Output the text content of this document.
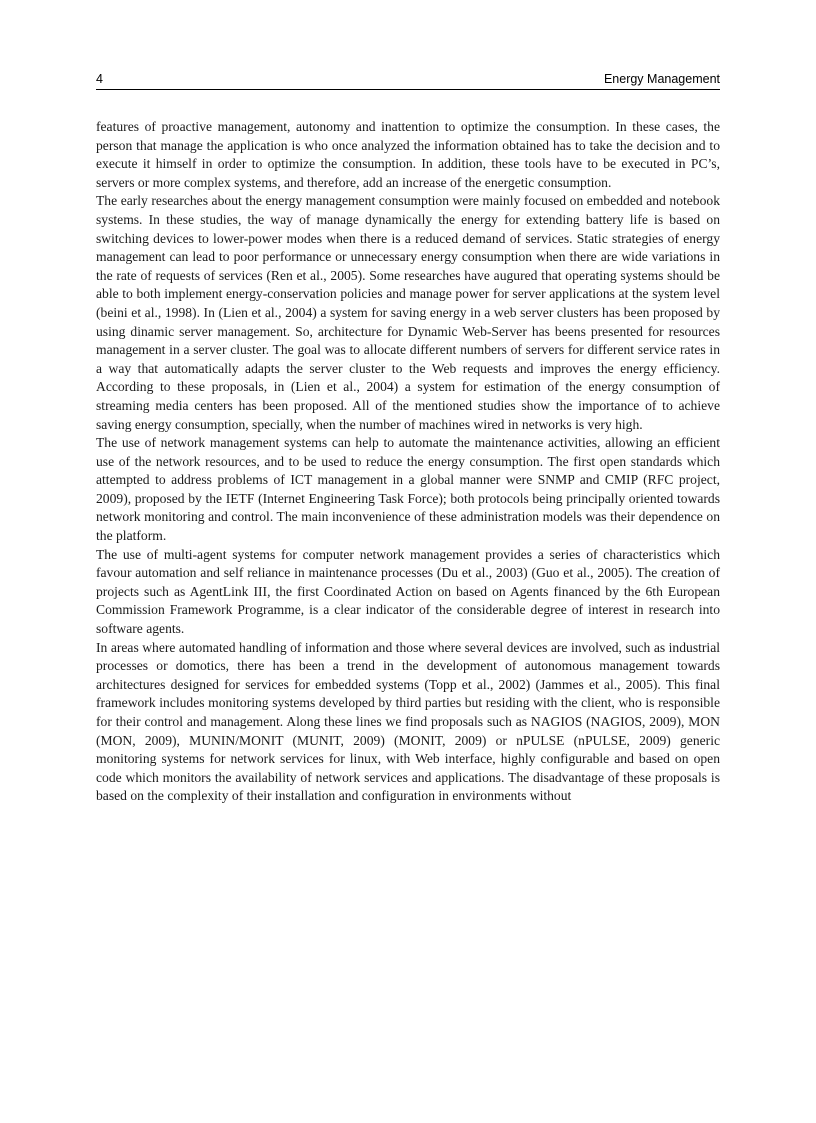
4	Energy Management

features of proactive management, autonomy and inattention to optimize the consumption. In these cases, the person that manage the application is who once analyzed the information obtained has to take the decision and to execute it himself in order to optimize the consumption. In addition, these tools have to be executed in PC’s, servers or more complex systems, and therefore, add an increase of the energetic consumption.

The early researches about the energy management consumption were mainly focused on embedded and notebook systems. In these studies, the way of manage dynamically the energy for extending battery life is based on switching devices to lower-power modes when there is a reduced demand of services. Static strategies of energy management can lead to poor performance or unnecessary energy consumption when there are wide variations in the rate of requests of services (Ren et al., 2005). Some researches have augured that operating systems should be able to both implement energy-conservation policies and manage power for server applications at the system level (beini et al., 1998). In (Lien et al., 2004) a system for saving energy in a web server clusters has been proposed by using dinamic server management. So, architecture for Dynamic Web-Server has beens presented for resources management in a server cluster. The goal was to allocate different numbers of servers for different service rates in a way that automatically adapts the server cluster to the Web requests and improves the energy efficiency. According to these proposals, in (Lien et al., 2004) a system for estimation of the energy consumption of streaming media centers has been proposed. All of the mentioned studies show the importance of to achieve saving energy consumption, specially, when the number of machines wired in networks is very high.

The use of network management systems can help to automate the maintenance activities, allowing an efficient use of the network resources, and to be used to reduce the energy consumption. The first open standards which attempted to address problems of ICT management in a global manner were SNMP and CMIP (RFC project, 2009), proposed by the IETF (Internet Engineering Task Force); both protocols being principally oriented towards network monitoring and control. The main inconvenience of these administration models was their dependence on the platform.

The use of multi-agent systems for computer network management provides a series of characteristics which favour automation and self reliance in maintenance processes (Du et al., 2003) (Guo et al., 2005). The creation of projects such as AgentLink III, the first Coordinated Action on based on Agents financed by the 6th European Commission Framework Programme, is a clear indicator of the considerable degree of interest in research into software agents.

In areas where automated handling of information and those where several devices are involved, such as industrial processes or domotics, there has been a trend in the development of autonomous management towards architectures designed for services for embedded systems (Topp et al., 2002) (Jammes et al., 2005). This final framework includes monitoring systems developed by third parties but residing with the client, who is responsible for their control and management. Along these lines we find proposals such as NAGIOS (NAGIOS, 2009), MON (MON, 2009), MUNIN/MONIT (MUNIT, 2009) (MONIT, 2009) or nPULSE (nPULSE, 2009) generic monitoring systems for network services for linux, with Web interface, highly configurable and based on open code which monitors the availability of network services and applications. The disadvantage of these proposals is based on the complexity of their installation and configuration in environments without
